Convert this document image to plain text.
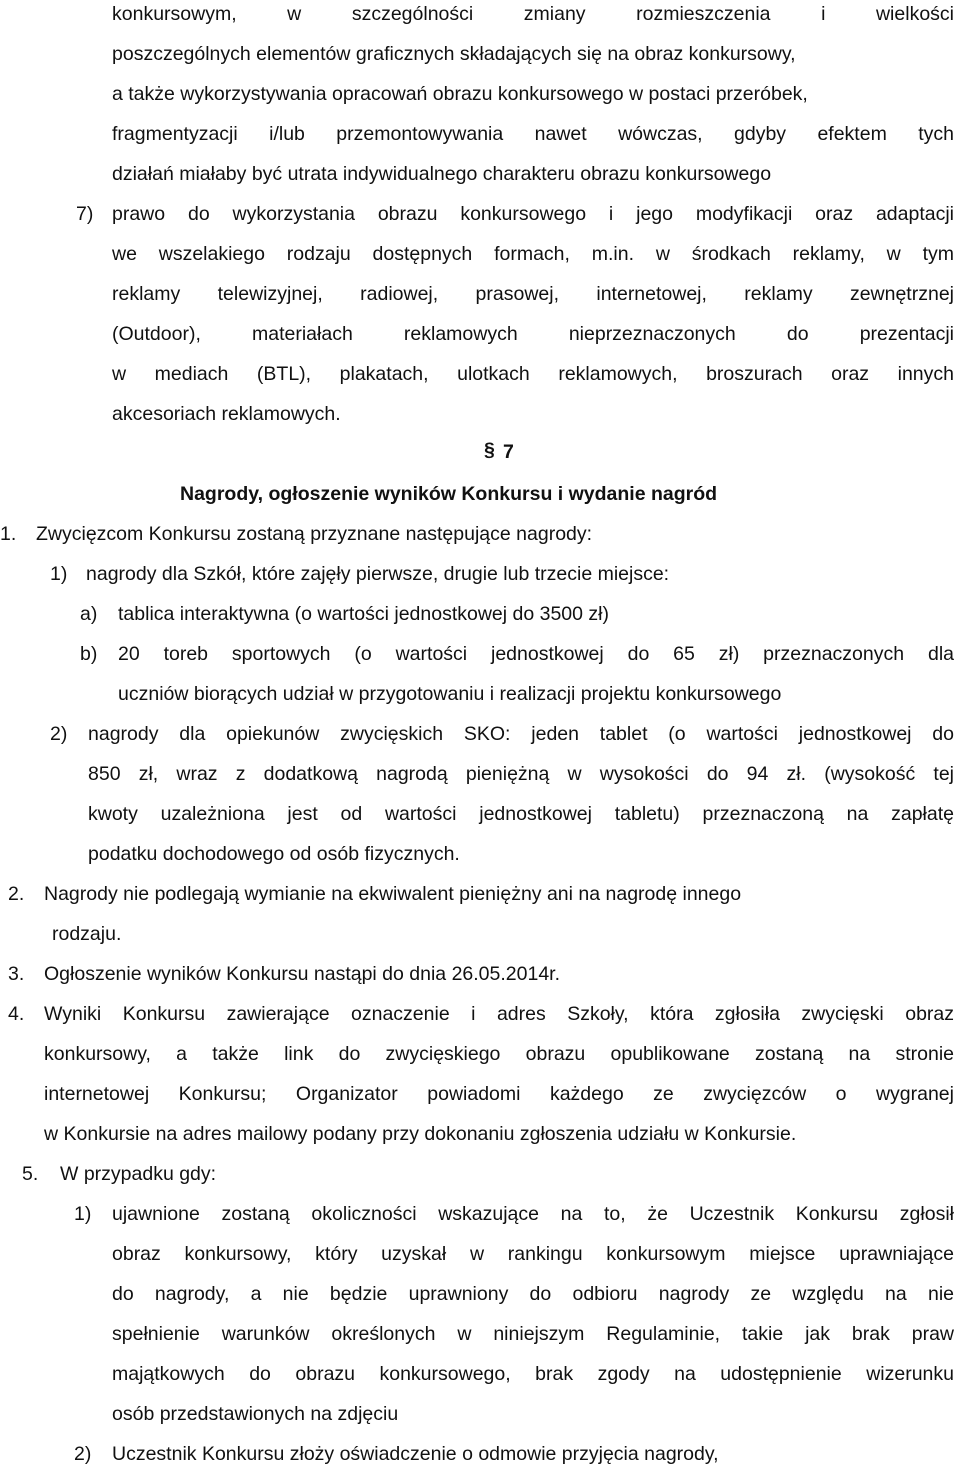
konkursowym, w szczególności zmiany rozmieszczenia i wielkości
poszczególnych elementów graficznych składających się na obraz konkursowy,
a także wykorzystywania opracowań obrazu konkursowego w postaci przeróbek,
fragmentyzacji i/lub przemontowywania nawet wówczas, gdyby efektem tych
działań miałaby być utrata indywidualnego charakteru obrazu konkursowego
7) prawo do wykorzystania obrazu konkursowego i jego modyfikacji oraz adaptacji
we wszelakiego rodzaju dostępnych formach, m.in. w środkach reklamy, w tym
reklamy telewizyjnej, radiowej, prasowej, internetowej, reklamy zewnętrznej
(Outdoor), materiałach reklamowych nieprzeznaczonych do prezentacji
w mediach (BTL), plakatach, ulotkach reklamowych, broszurach oraz innych
akcesoriach reklamowych.
§ 7
Nagrody, ogłoszenie wyników Konkursu i wydanie nagród
1. Zwycięzcom Konkursu zostaną przyznane następujące nagrody:
1) nagrody dla Szkół, które zajęły pierwsze, drugie lub trzecie miejsce:
a) tablica interaktywna (o wartości jednostkowej do 3500 zł)
b) 20 toreb sportowych (o wartości jednostkowej do 65 zł) przeznaczonych dla
uczniów biorących udział w przygotowaniu i realizacji projektu konkursowego
2) nagrody dla opiekunów zwycięskich SKO: jeden tablet (o wartości jednostkowej do
850 zł, wraz z dodatkową nagrodą pieniężną w wysokości do 94 zł. (wysokość tej
kwoty uzależniona jest od wartości jednostkowej tabletu) przeznaczoną na zapłatę
podatku dochodowego od osób fizycznych.
2. Nagrody nie podlegają wymianie na ekwiwalent pieniężny ani na nagrodę innego
rodzaju.
3. Ogłoszenie wyników Konkursu nastąpi do dnia 26.05.2014r.
4. Wyniki Konkursu zawierające oznaczenie i adres Szkoły, która zgłosiła zwycięski obraz
konkursowy, a także link do zwycięskiego obrazu opublikowane zostaną na stronie
internetowej Konkursu; Organizator powiadomi każdego ze zwycięzców o wygranej
w Konkursie na adres mailowy podany przy dokonaniu zgłoszenia udziału w Konkursie.
5. W przypadku gdy:
1) ujawnione zostaną okoliczności wskazujące na to, że Uczestnik Konkursu zgłosił
obraz konkursowy, który uzyskał w rankingu konkursowym miejsce uprawniające
do nagrody, a nie będzie uprawniony do odbioru nagrody ze względu na nie
spełnienie warunków określonych w niniejszym Regulaminie, takie jak brak praw
majątkowych do obrazu konkursowego, brak zgody na udostępnienie wizerunku
osób przedstawionych na zdjęciu
2) Uczestnik Konkursu złoży oświadczenie o odmowie przyjęcia nagrody,
